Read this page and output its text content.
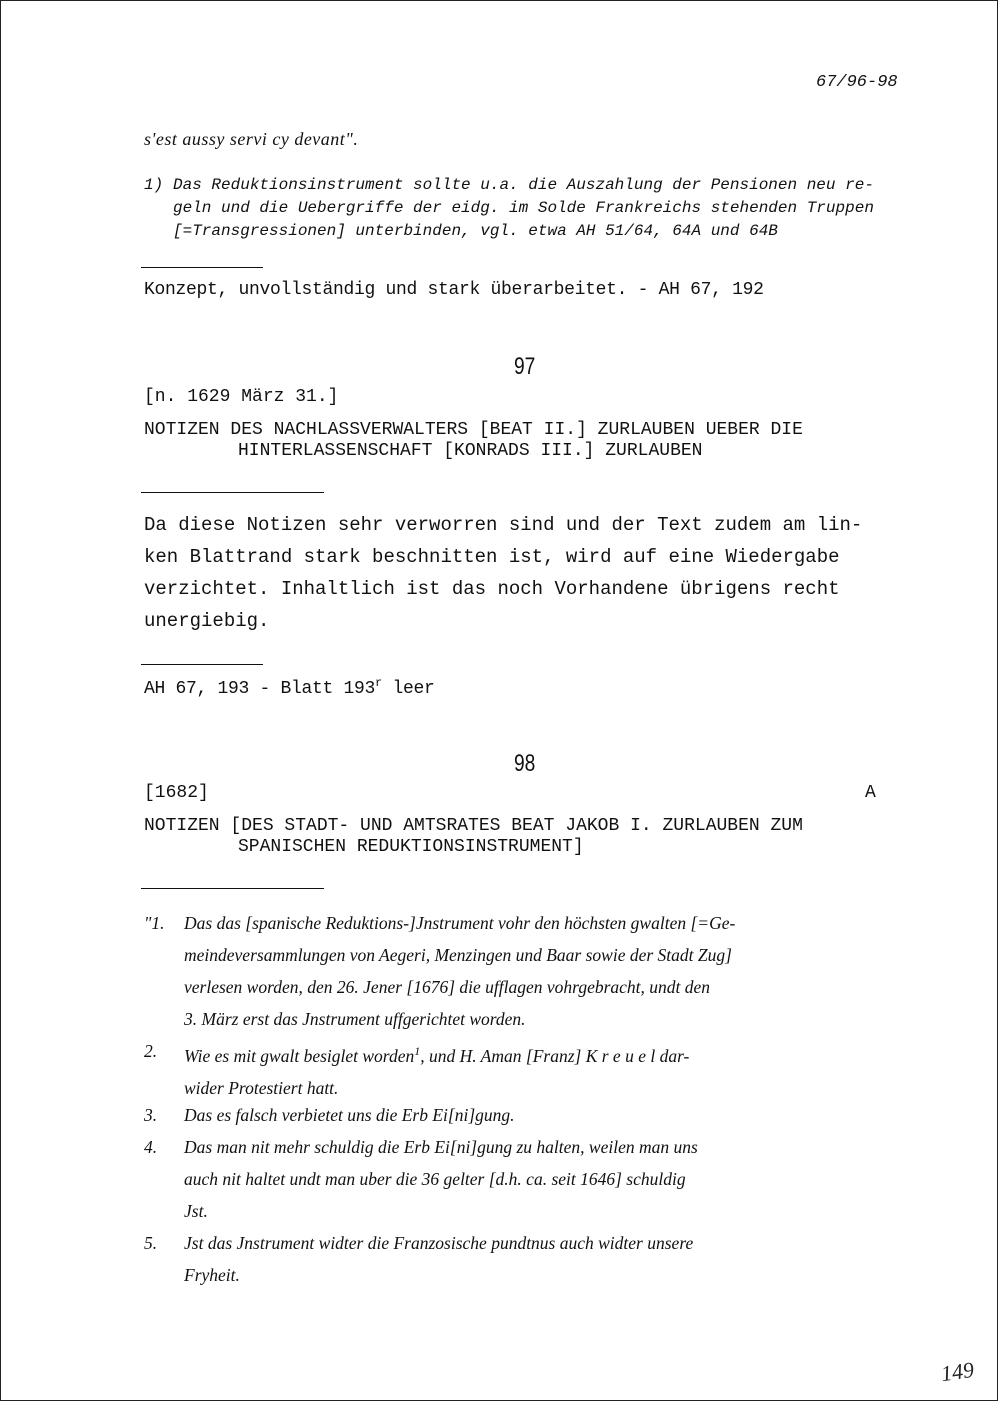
67/96-98
s'est aussy servi cy devant".
1) Das Reduktionsinstrument sollte u.a. die Auszahlung der Pensionen neu re-
geln und die Uebergriffe der eidg. im Solde Frankreichs stehenden Truppen
[=Transgressionen] unterbinden, vgl. etwa AH 51/64, 64A und 64B
Konzept, unvollständig und stark überarbeitet. - AH 67, 192
97
[n. 1629 März 31.]
NOTIZEN DES NACHLASSVERWALTERS [BEAT II.] ZURLAUBEN UEBER DIE
HINTERLASSENSCHAFT [KONRADS III.] ZURLAUBEN
Da diese Notizen sehr verworren sind und der Text zudem am lin-
ken Blattrand stark beschnitten ist, wird auf eine Wiedergabe
verzichtet. Inhaltlich ist das noch Vorhandene übrigens recht
unergiebig.
AH 67, 193 - Blatt 193$^r$ leer
98
[1682]	A
NOTIZEN [DES STADT- UND AMTSRATES BEAT JAKOB I. ZURLAUBEN ZUM
SPANISCHEN REDUKTIONSINSTRUMENT]
"1. Das das [spanische Reduktions-]Jnstrument vohr den höchsten gwalten [=Ge-
meindeversammlungen von Aegeri, Menzingen und Baar sowie der Stadt Zug]
verlesen worden, den 26. Jener [1676] die ufflagen vohrgebracht, undt den
3. März erst das Jnstrument uffgerichtet worden.
2. Wie es mit gwalt besiglet worden$^1$, und H. Aman [Franz] K r e u e l dar-
wider Protestiert hatt.
3. Das es falsch verbietet uns die Erb Ei[ni]gung.
4. Das man nit mehr schuldig die Erb Ei[ni]gung zu halten, weilen man uns
auch nit haltet undt man uber die 36 gelter [d.h. ca. seit 1646] schuldig
Jst.
5. Jst das Jnstrument widter die Franzosische pundtnus auch widter unsere
Fryheit.
149
